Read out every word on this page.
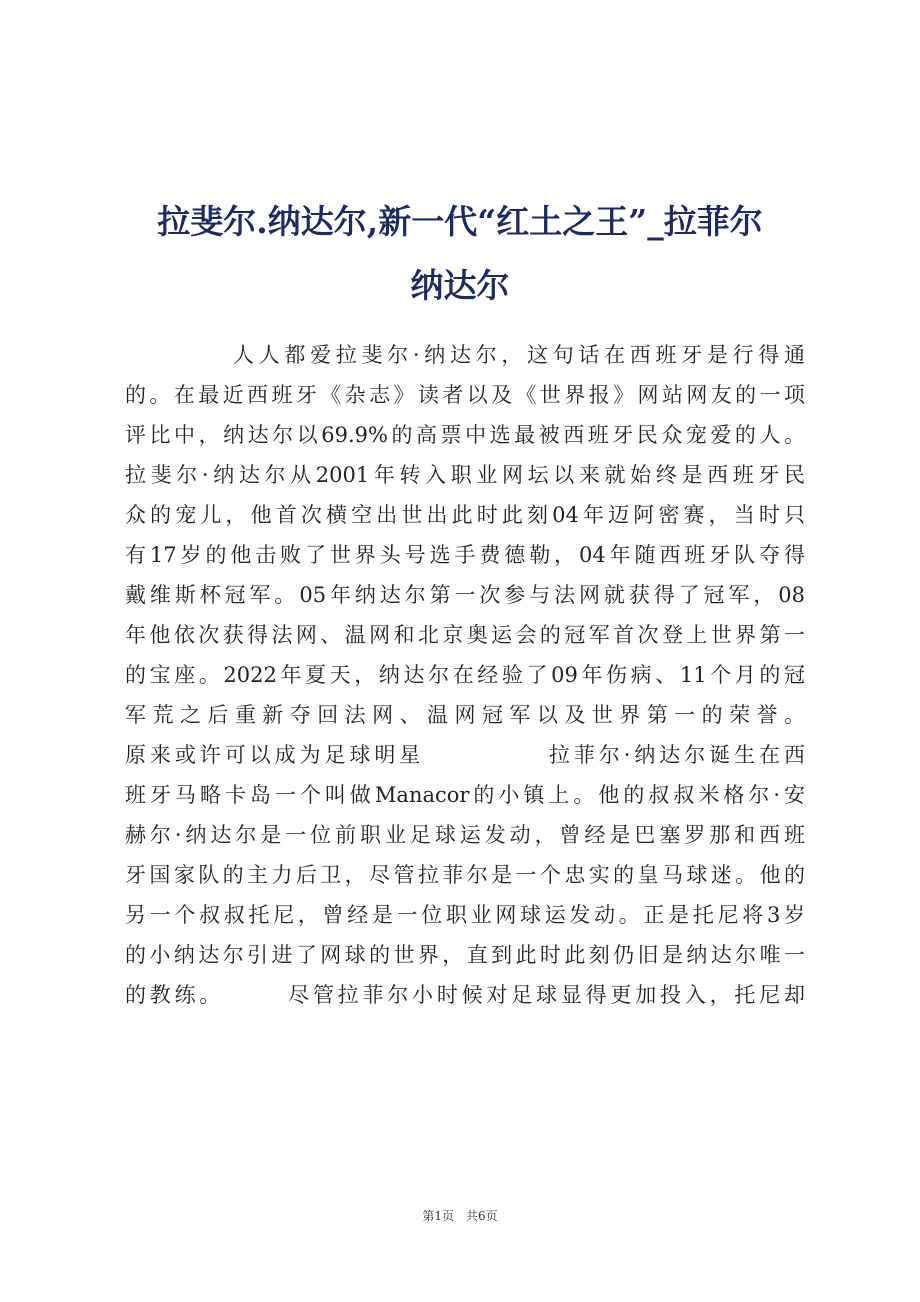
拉斐尔.纳达尔,新一代“红土之王”_拉菲尔
纳达尔
人人都爱拉斐尔·纳达尔，这句话在西班牙是行得通
的。在最近西班牙《杂志》读者以及《世界报》网站网友的一项
评比中，纳达尔以69.9%的高票中选最被西班牙民众宠爱的人。
拉斐尔·纳达尔从2001年转入职业网坛以来就始终是西班牙民
众的宠儿，他首次横空出世出此时此刻04年迈阿密赛，当时只
有17岁的他击败了世界头号选手费德勒，04年随西班牙队夺得
戴维斯杯冠军。05年纳达尔第一次参与法网就获得了冠军，08
年他依次获得法网、温网和北京奥运会的冠军首次登上世界第一
的宝座。2022年夏天，纳达尔在经验了09年伤病、11个月的冠
军荒之后重新夺回法网、温网冠军以及世界第一的荣誉。
原来或许可以成为足球明星　　　　　拉菲尔·纳达尔诞生在西
班牙马略卡岛一个叫做Manacor的小镇上。他的叔叔米格尔·安
赫尔·纳达尔是一位前职业足球运发动，曾经是巴塞罗那和西班
牙国家队的主力后卫，尽管拉菲尔是一个忠实的皇马球迷。他的
另一个叔叔托尼，曾经是一位职业网球运发动。正是托尼将3岁
的小纳达尔引进了网球的世界，直到此时此刻仍旧是纳达尔唯一
的教练。　　　尽管拉菲尔小时候对足球显得更加投入，托尼却
第1页　共6页
